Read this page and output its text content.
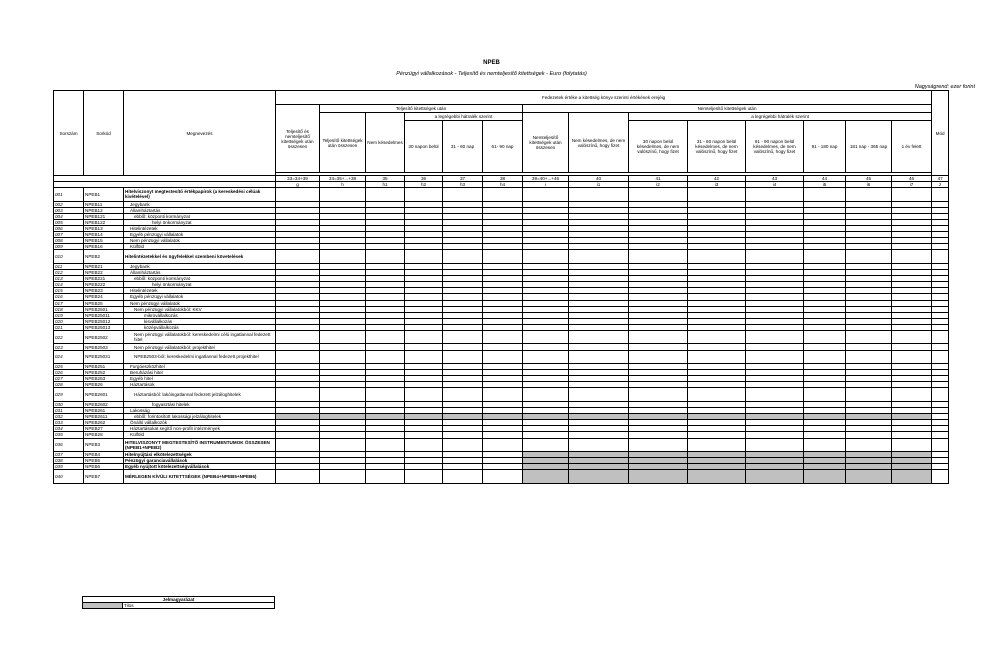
NPEB
Pénzügyi vállalkozások - Teljesítő és nemteljesítő kitettségek - Euro (folytatás)
Nagyságrend: ezer forint
Sorszám	Sorkód	Megnevezés	Fedezetek értéke a kitettség könyv szerinti értékének erejéig														Mód
			Teljesítő és nemteljesítő kitettségek után összesen	Teljesítő kitettségek után					Nemteljesítő kitettségek után								
				Teljesítő kitettségek után összesen	Nem késedelmes	a legrégebbi hátralék szerint			Nemteljesítő kitettségek után összesen	Nem késedelmes, de nem valószínű, hogy fizet	a legrégebbi hátralék szerint						
						30 napon belül	31 - 60 nap	61- 90 nap			30 napon belül késedelmes, de nem valószínű, hogy fizet	31 - 60 napon belül késedelmes, de nem valószínű, hogy fizet	61 - 90 napon belül késedelmes, de nem valószínű, hogy fizet	91 - 180 nap	181 nap - 365 nap	1 év felett	

			33=34+39	34=35+...+38	35	36	37	38	39=40+...+46	40	41	42	43	44	45	46	47
			g	h	h1	h2	h3	h4	i	i1	i2	i3	i4	i5	i6	i7	z
001	NPEB1	Hitelviszonyt megtestesítő értékpapírok (a kereskedési célúak kivételével)															
002	NPEB11	Jegybank															
003	NPEB12	Államháztartás															
004	NPEB121	ebből: központi kormányzat															
005	NPEB122	helyi önkormányzat															
006	NPEB13	Hitelintézetek															
007	NPEB14	Egyéb pénzügyi vállalatok															
008	NPEB15	Nem pénzügyi vállalatok															
009	NPEB16	Külföld															
010	NPEB2	Hitelintézetekkel és ügyfelekkel szembeni követelések															
011	NPEB21	Jegybank															
012	NPEB22	Államháztartás															
013	NPEB221	ebből: központi kormányzat															
014	NPEB222	helyi önkormányzat															
015	NPEB23	Hitelintézetek															
016	NPEB24	Egyéb pénzügyi vállalatok															
017	NPEB25	Nem pénzügyi vállalatok															
018	NPEB2501	Nem pénzügyi vállalatokból: KKV															
019	NPEB25011	mikrovállalkozás															
020	NPEB25012	kisvállalkozás															
021	NPEB25013	középvállalkozás															
022	NPEB2502	Nem pénzügyi vállalatokból: kereskedelmi célú ingatlannal fedezett hitel															
023	NPEB2503	Nem pénzügyi vállalatokból: projekthitel															
024	NPEB25031	NPEB2503-ból: kereskedelmi ingatlannal fedezett projekthitel															
025	NPEB251	Forgóeszközhitel															
026	NPEB252	Beruházási hitel															
027	NPEB253	Egyéb hitel															
028	NPEB26	Háztartások															
029	NPEB2601	Háztartásból: lakóingatlannal fedezett jelzáloghitelek															
030	NPEB2602	fogyasztási hitelek															
031	NPEB261	Lakosság															
032	NPEB2611	ebből: forintosított lakossági jelzáloghitelek															
033	NPEB262	Önálló vállalkozók															
034	NPEB27	Háztartásokat segítő non-profit intézmények															
035	NPEB28	Külföld															
036	NPEB3	HITELVISZONYT MEGTESTESÍTŐ INSTRUMENTUMOK ÖSSZESEN (NPEB1+NPEB2)															
037	NPEB4	Hitelnyújtási elkötelezettségek															
038	NPEB5	Pénzügyi garanciavállalások															
039	NPEB6	Egyéb nyújtott kötelezettségvállalások															
040	NPEB7	MÉRLEGEN KÍVÜLI KITETTSÉGEK (NPEB4+NPEB5+NPEB6)															
Jelmagyarázat
	Tilos
